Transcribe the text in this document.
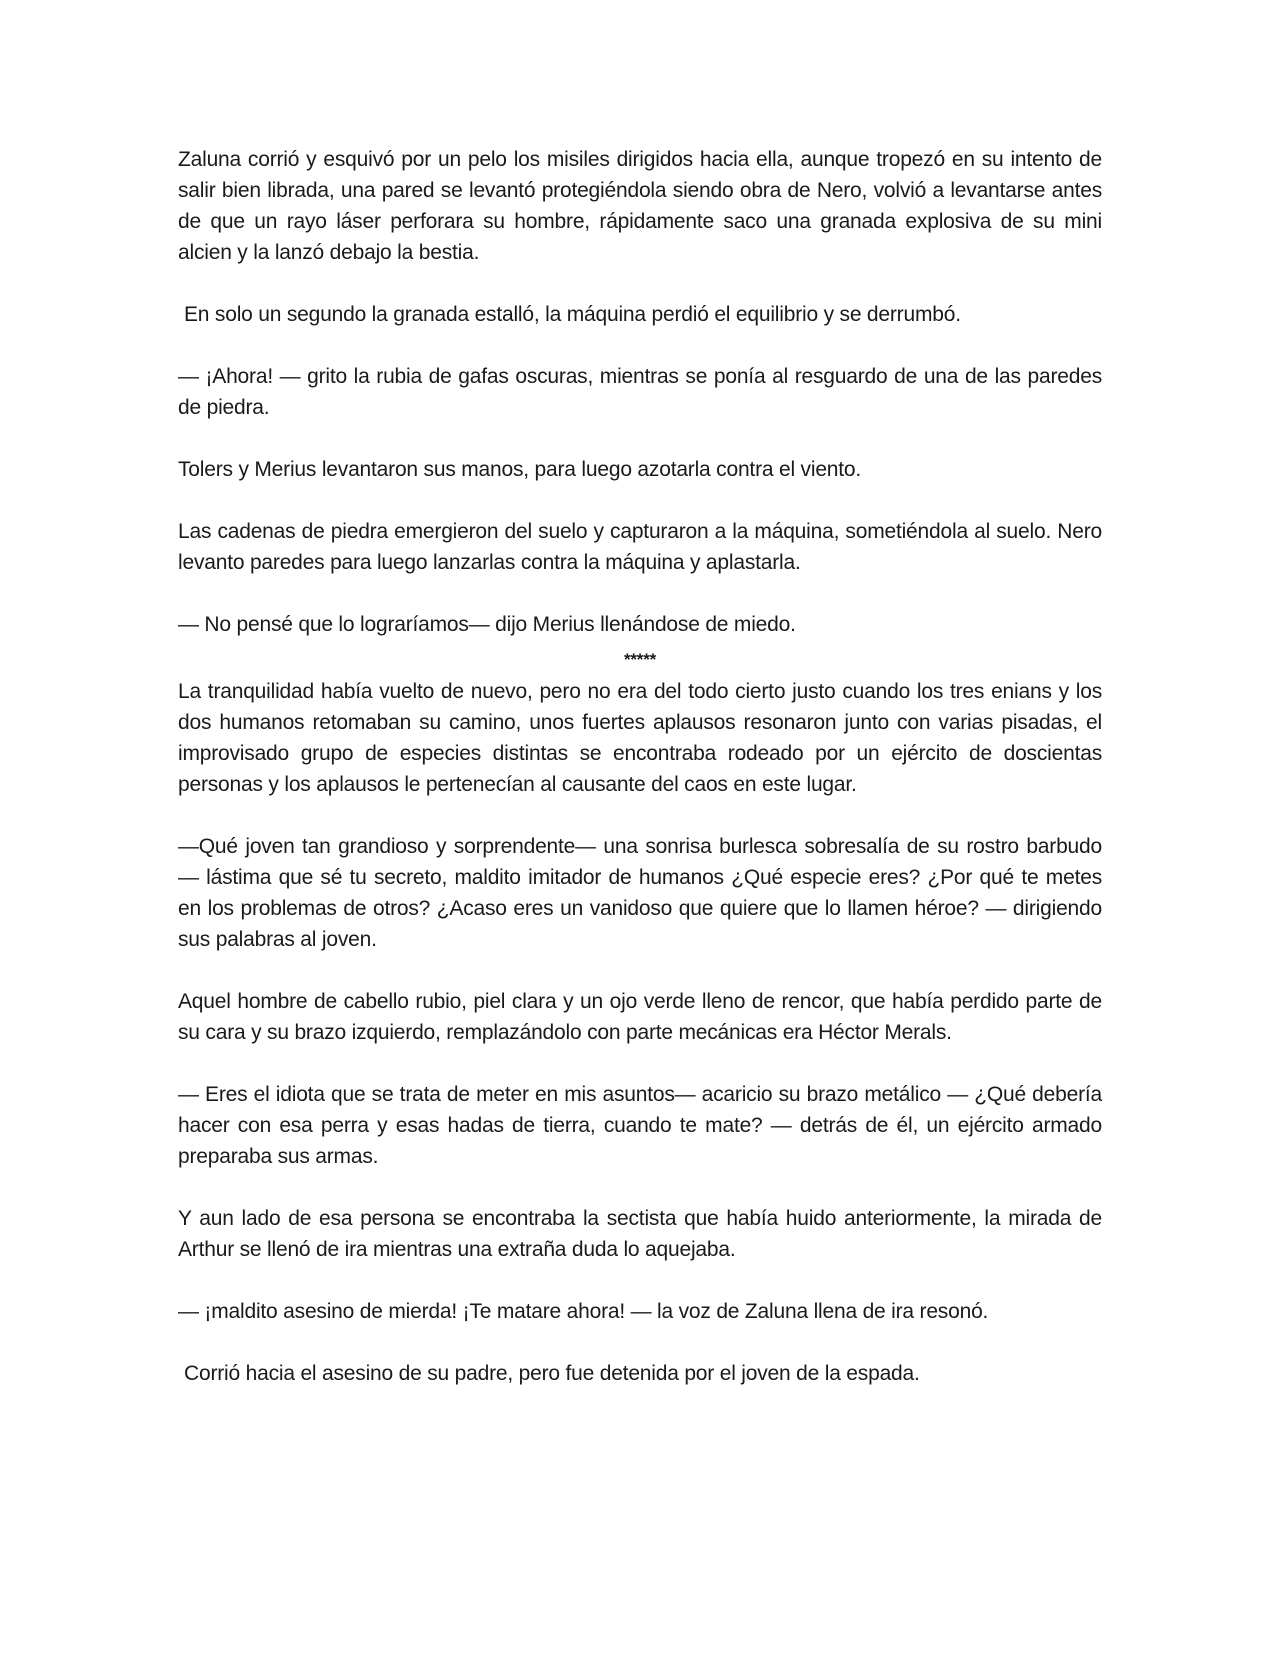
Zaluna corrió y esquivó por un pelo los misiles dirigidos hacia ella, aunque tropezó en su intento de salir bien librada, una pared se levantó protegiéndola siendo obra de Nero, volvió a levantarse antes de que un rayo láser perforara su hombre, rápidamente saco una granada explosiva de su mini alcien y la lanzó debajo la bestia.

En solo un segundo la granada estalló, la máquina perdió el equilibrio y se derrumbó.

— ¡Ahora! — grito la rubia de gafas oscuras, mientras se ponía al resguardo de una de las paredes de piedra.

Tolers y Merius levantaron sus manos, para luego azotarla contra el viento.

Las cadenas de piedra emergieron del suelo y capturaron a la máquina, sometiéndola al suelo. Nero levanto paredes para luego lanzarlas contra la máquina y aplastarla.

— No pensé que lo lograríamos— dijo Merius llenándose de miedo.

*****

La tranquilidad había vuelto de nuevo, pero no era del todo cierto justo cuando los tres enians y los dos humanos retomaban su camino, unos fuertes aplausos resonaron junto con varias pisadas, el improvisado grupo de especies distintas se encontraba rodeado por un ejército de doscientas personas y los aplausos le pertenecían al causante del caos en este lugar.

—Qué joven tan grandioso y sorprendente— una sonrisa burlesca sobresalía de su rostro barbudo — lástima que sé tu secreto, maldito imitador de humanos ¿Qué especie eres? ¿Por qué te metes en los problemas de otros? ¿Acaso eres un vanidoso que quiere que lo llamen héroe? — dirigiendo sus palabras al joven.

Aquel hombre de cabello rubio, piel clara y un ojo verde lleno de rencor, que había perdido parte de su cara y su brazo izquierdo, remplazándolo con parte mecánicas era Héctor Merals.

— Eres el idiota que se trata de meter en mis asuntos— acaricio su brazo metálico — ¿Qué debería hacer con esa perra y esas hadas de tierra, cuando te mate? — detrás de él, un ejército armado preparaba sus armas.

Y aun lado de esa persona se encontraba la sectista que había huido anteriormente, la mirada de Arthur se llenó de ira mientras una extraña duda lo aquejaba.

— ¡maldito asesino de mierda! ¡Te matare ahora! — la voz de Zaluna llena de ira resonó.

Corrió hacia el asesino de su padre, pero fue detenida por el joven de la espada.
